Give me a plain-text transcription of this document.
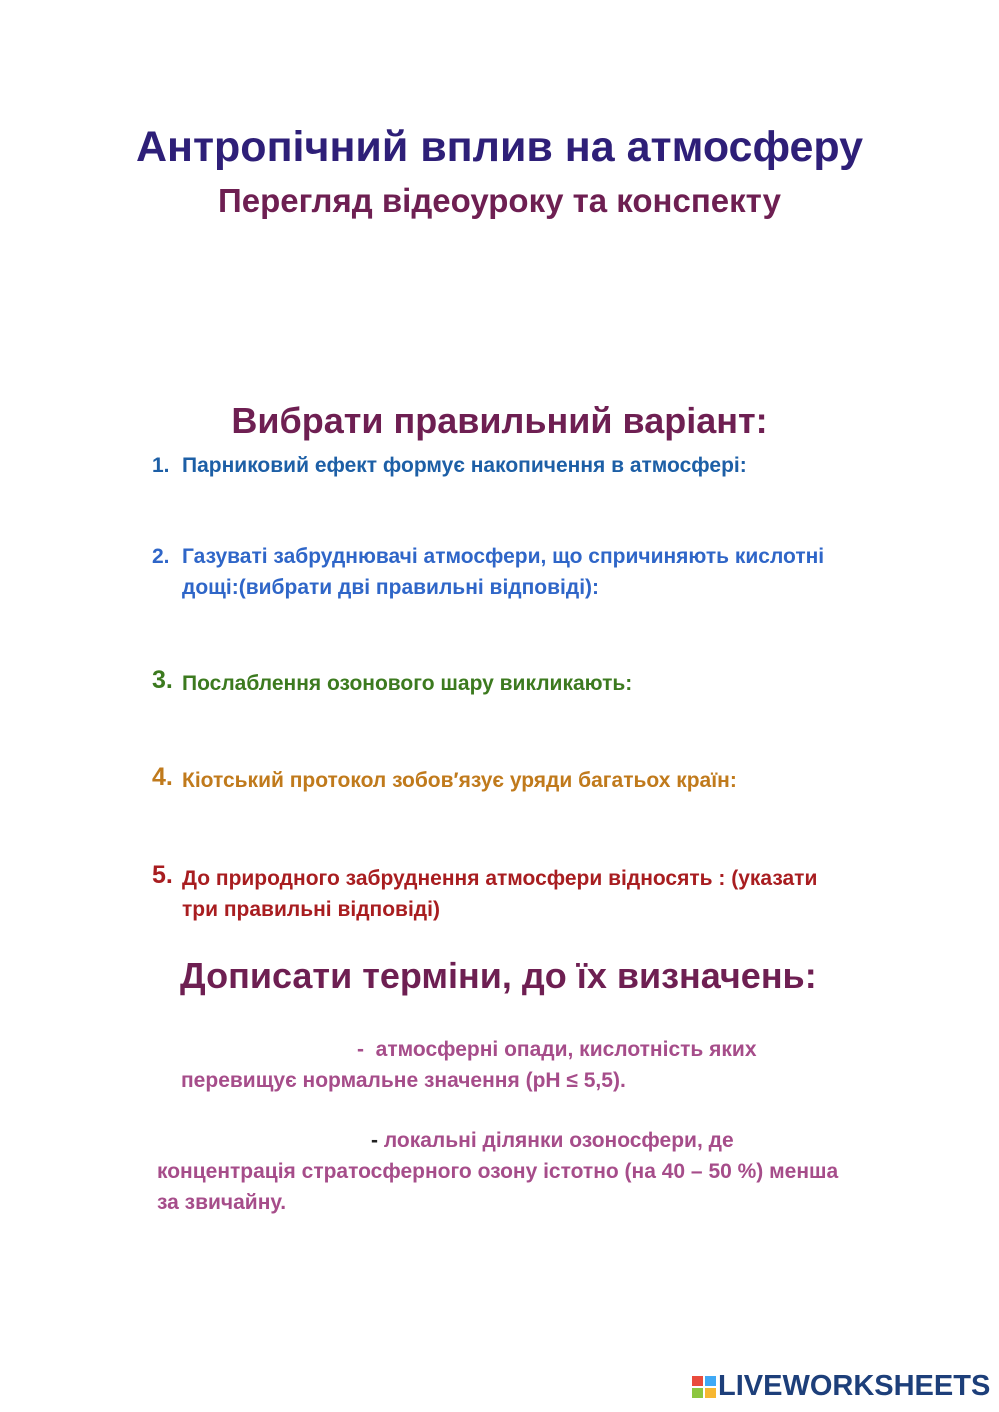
Антропічний вплив на атмосферу
Перегляд відеоуроку та конспекту
Вибрати правильний варіант:
1. Парниковий ефект формує накопичення в атмосфері:
2. Газуваті забруднювачі атмосфери, що спричиняють кислотні
дощі:(вибрати дві правильні відповіді):
3. Послаблення озонового шару викликають:
4. Кіотський протокол зобов′язує уряди багатьох країн:
5. До природного забруднення атмосфери відносять : (указати
три правильні відповіді)
Дописати терміни, до їх визначень:
- атмосферні опади, кислотність яких
перевищує нормальне значення (pH ≤ 5,5).
- локальні ділянки озоносфери, де
концентрація стратосферного озону істотно (на 40 – 50 %) менша
за звичайну.
LIVEWORKSHEETS
